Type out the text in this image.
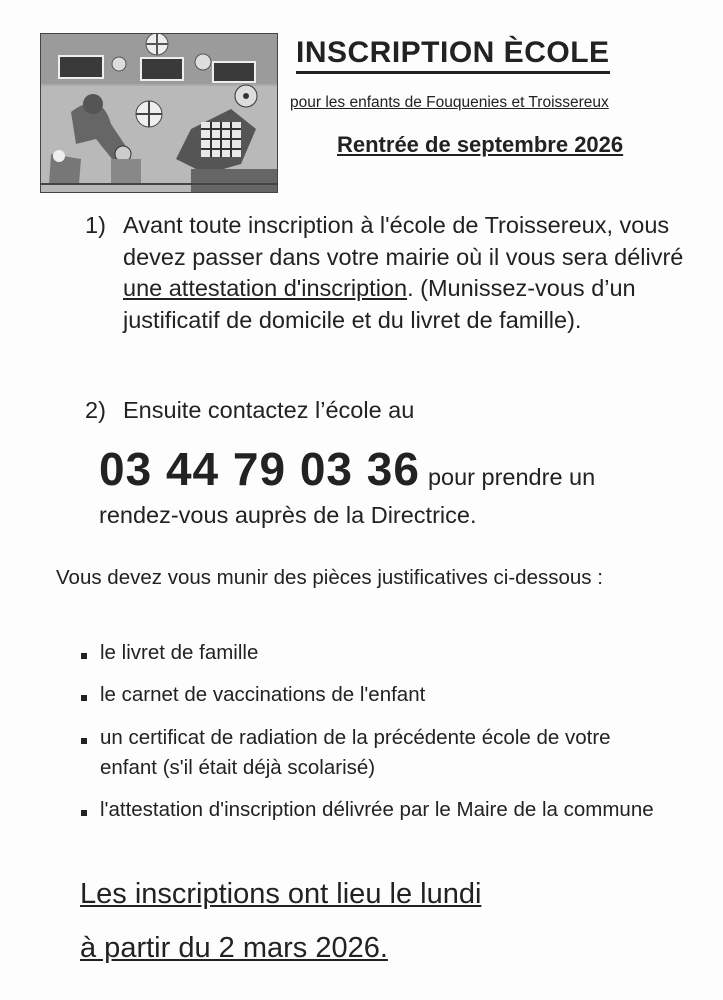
INSCRIPTION ÈCOLE
pour les enfants de Fouquenies et Troissereux
Rentrée de septembre 2026
1) Avant toute inscription à l'école de Troissereux, vous devez passer dans votre mairie où il vous sera délivré une attestation d'inscription. (Munissez-vous d’un justificatif de domicile et du livret de famille).
2) Ensuite contactez l’école au
03 44 79 03 36 pour prendre un
rendez-vous auprès de la Directrice.
Vous devez vous munir des pièces justificatives ci-dessous :
le livret de famille
le carnet de vaccinations de l'enfant
un certificat de radiation de la précédente école de votre enfant (s'il était déjà scolarisé)
l'attestation d'inscription délivrée par le Maire de la commune
Les inscriptions ont lieu le lundi
à partir du 2 mars 2026.
